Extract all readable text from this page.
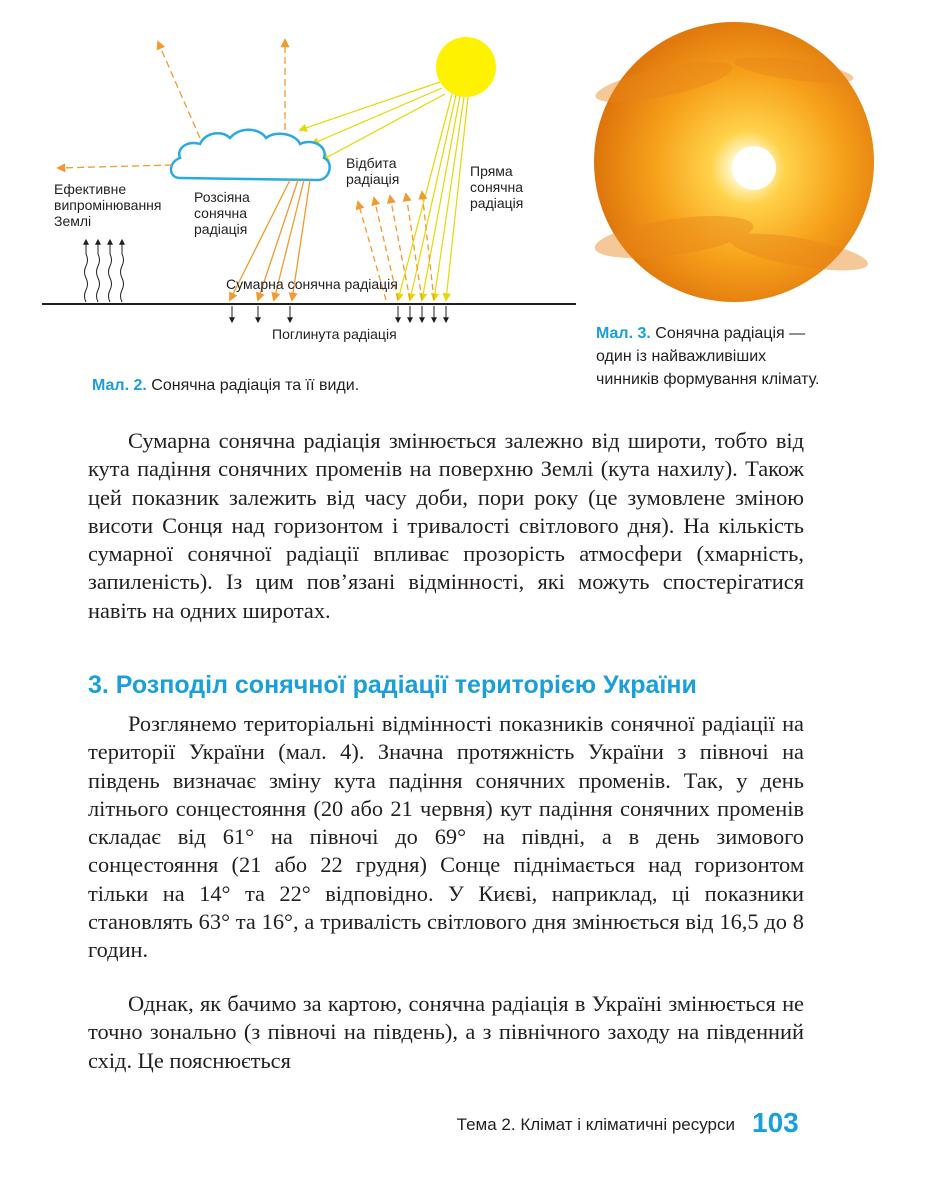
Ефективне
випромінювання
Землі
Розсіяна
сонячна
радіація
Відбита
радіація	Пряма
сонячна
радіація
Сумарна сонячна радіація
Поглинута радіація
Мал. 2. Сонячна радіація та її види.
Мал. 3. Сонячна радіація —
один із найважливіших
чинників формування клімату.

Сумарна сонячна радіація змінюється залежно від широти, тобто від кута падіння сонячних променів на поверхню Землі (кута нахилу). Також цей показник залежить від часу доби, пори року (це зумовлене зміною висоти Сонця над горизонтом і тривалості світлового дня). На кількість сумарної сонячної радіації впливає прозорість атмосфери (хмарність, запиленість). Із цим пов’язані відмінності, які можуть спостерігатися навіть на одних широтах.

3. Розподіл сонячної радіації територією України

Розглянемо територіальні відмінності показників сонячної радіації на території України (мал. 4). Значна протяжність України з півночі на південь визначає зміну кута падіння сонячних променів. Так, у день літнього сонцестояння (20 або 21 червня) кут падіння сонячних променів складає від 61° на півночі до 69° на півдні, а в день зимового сонцестояння (21 або 22 грудня) Сонце піднімається над горизонтом тільки на 14° та 22° відповідно. У Києві, наприклад, ці показники становлять 63° та 16°, а тривалість світлового дня змінюється від 16,5 до 8 годин.

Однак, як бачимо за картою, сонячна радіація в Україні змінюється не точно зонально (з півночі на південь), а з північного заходу на південний схід. Це пояснюється

Тема 2. Клімат і кліматичні ресурси 103
